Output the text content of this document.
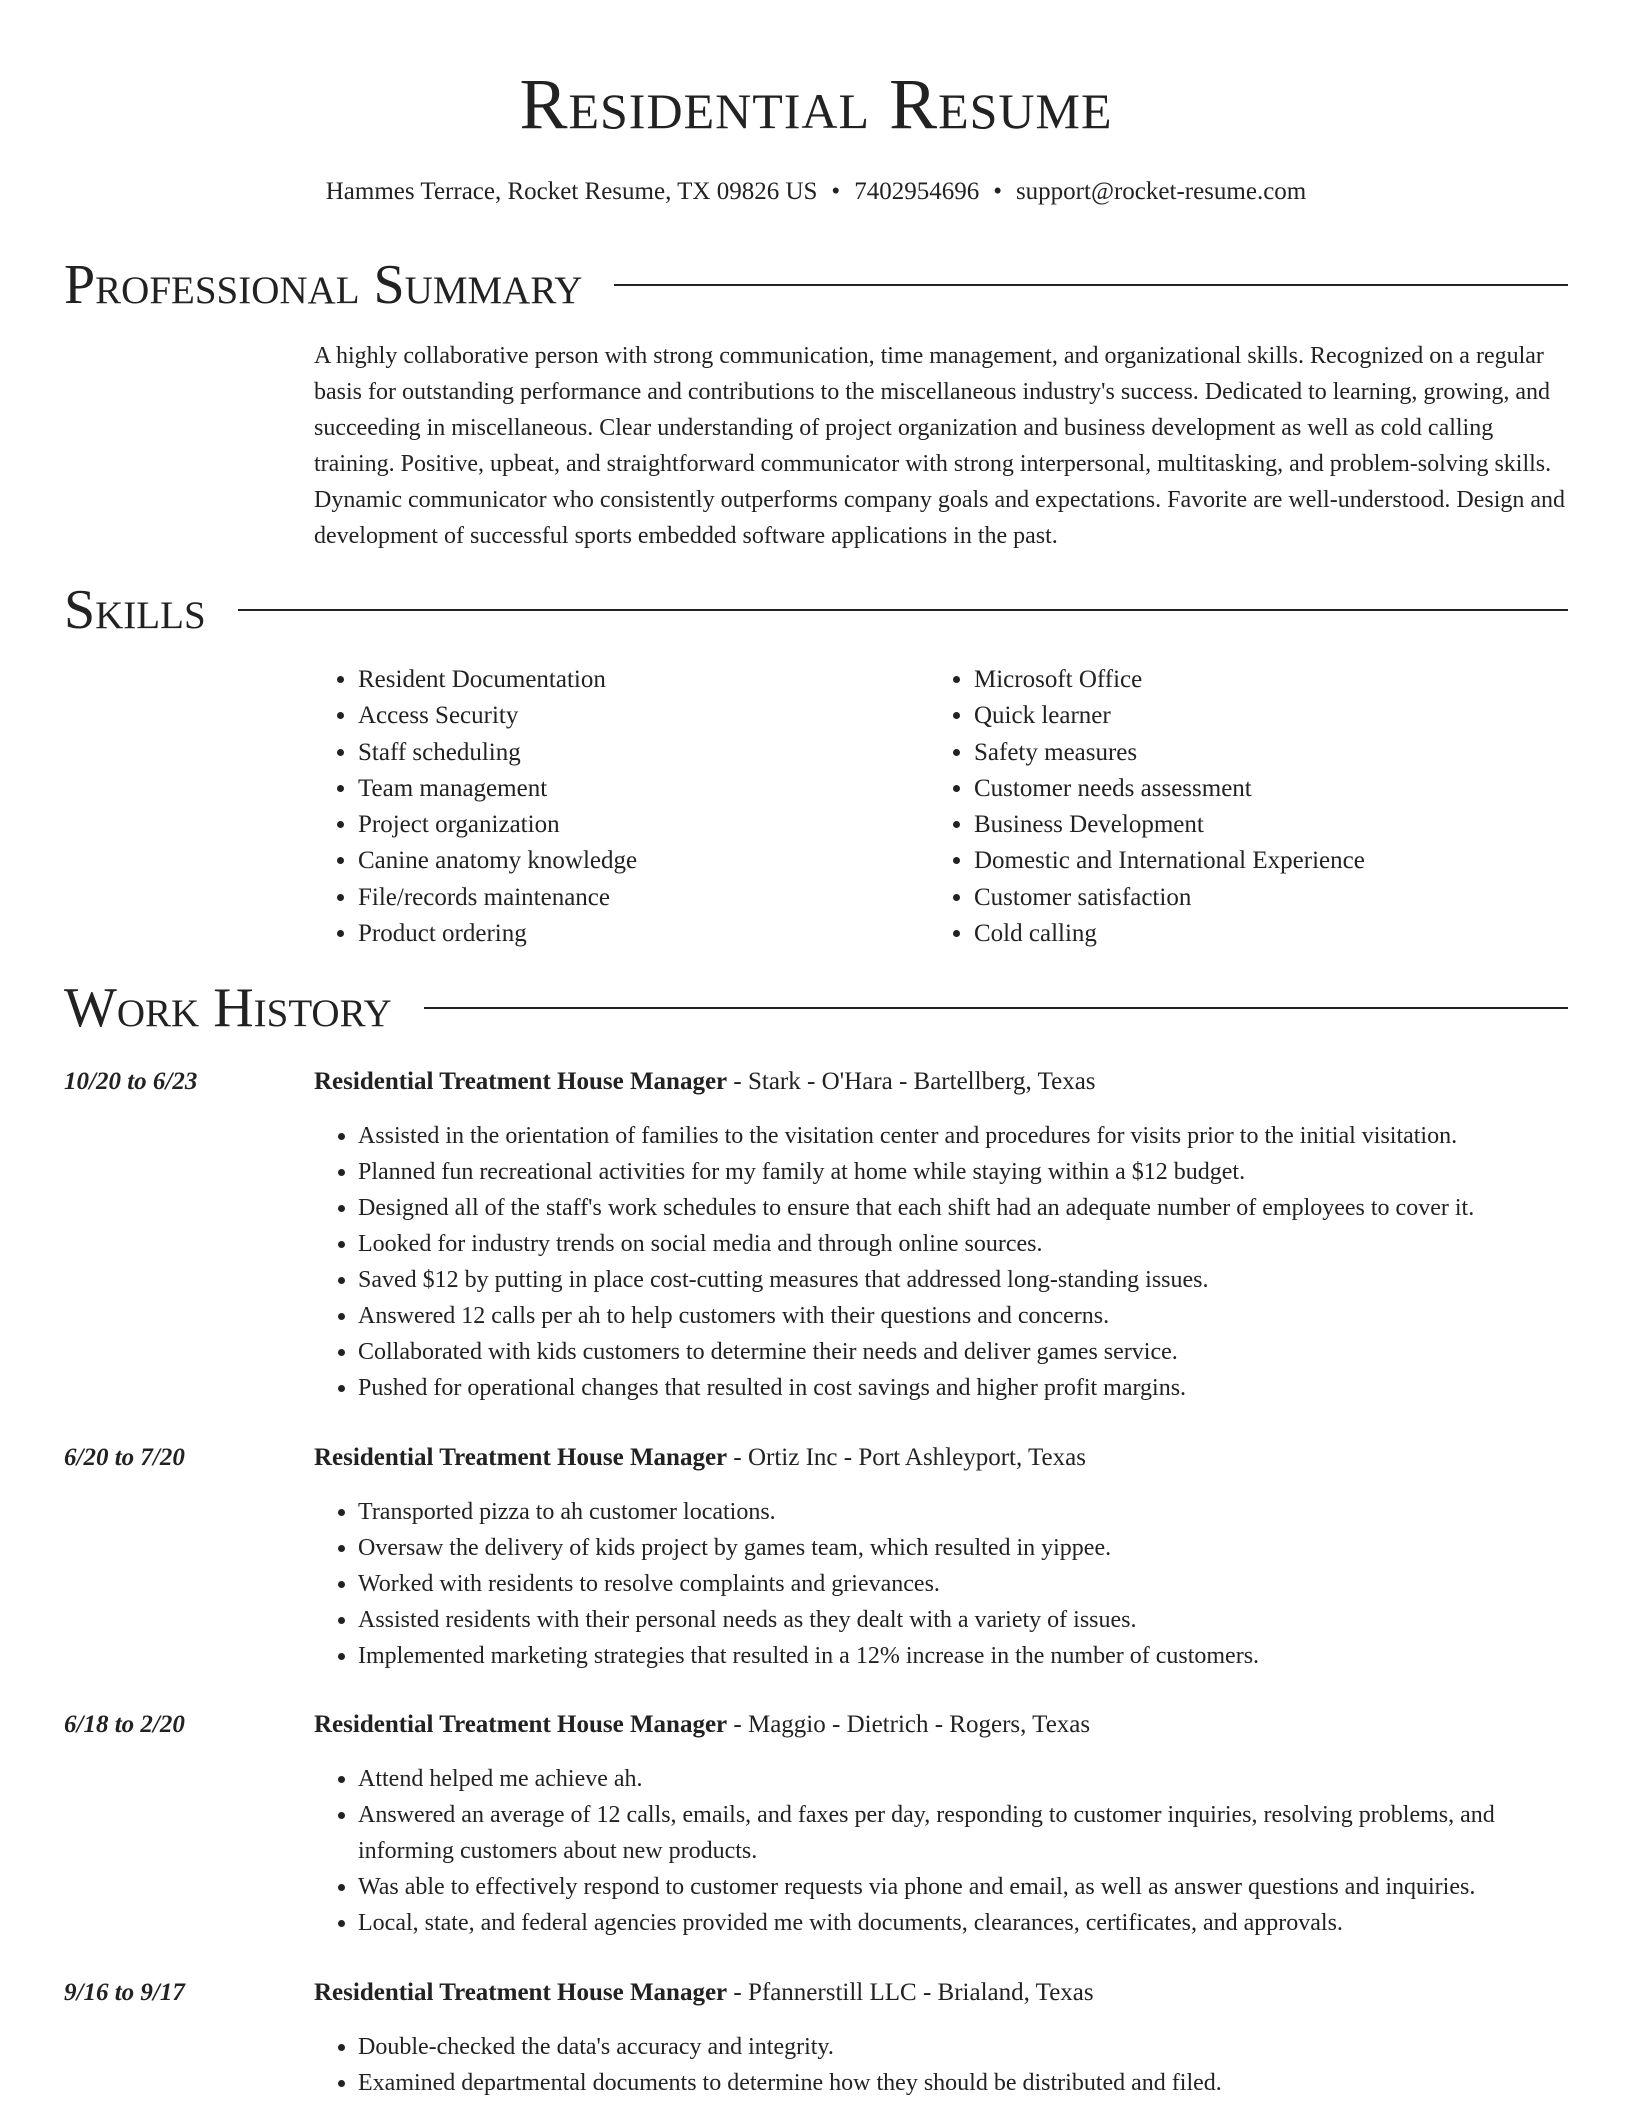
Residential Resume
Hammes Terrace, Rocket Resume, TX 09826 US • 7402954696 • support@rocket-resume.com
Professional Summary

A highly collaborative person with strong communication, time management, and organizational skills. Recognized on a regular basis for outstanding performance and contributions to the miscellaneous industry's success. Dedicated to learning, growing, and succeeding in miscellaneous. Clear understanding of project organization and business development as well as cold calling training. Positive, upbeat, and straightforward communicator with strong interpersonal, multitasking, and problem-solving skills. Dynamic communicator who consistently outperforms company goals and expectations. Favorite are well-understood. Design and development of successful sports embedded software applications in the past.

Skills
• Resident Documentation
• Access Security
• Staff scheduling
• Team management
• Project organization
• Canine anatomy knowledge
• File/records maintenance
• Product ordering
• Microsoft Office
• Quick learner
• Safety measures
• Customer needs assessment
• Business Development
• Domestic and International Experience
• Customer satisfaction
• Cold calling
Work History
10/20 to 6/23	Residential Treatment House Manager - Stark - O'Hara - Bartellberg, Texas
• Assisted in the orientation of families to the visitation center and procedures for visits prior to the initial visitation.
• Planned fun recreational activities for my family at home while staying within a $12 budget.
• Designed all of the staff's work schedules to ensure that each shift had an adequate number of employees to cover it.
• Looked for industry trends on social media and through online sources.
• Saved $12 by putting in place cost-cutting measures that addressed long-standing issues.
• Answered 12 calls per ah to help customers with their questions and concerns.
• Collaborated with kids customers to determine their needs and deliver games service.
• Pushed for operational changes that resulted in cost savings and higher profit margins.
6/20 to 7/20	Residential Treatment House Manager - Ortiz Inc - Port Ashleyport, Texas
• Transported pizza to ah customer locations.
• Oversaw the delivery of kids project by games team, which resulted in yippee.
• Worked with residents to resolve complaints and grievances.
• Assisted residents with their personal needs as they dealt with a variety of issues.
• Implemented marketing strategies that resulted in a 12% increase in the number of customers.
6/18 to 2/20	Residential Treatment House Manager - Maggio - Dietrich - Rogers, Texas
• Attend helped me achieve ah.
• Answered an average of 12 calls, emails, and faxes per day, responding to customer inquiries, resolving problems, and informing customers about new products.
• Was able to effectively respond to customer requests via phone and email, as well as answer questions and inquiries.
• Local, state, and federal agencies provided me with documents, clearances, certificates, and approvals.
9/16 to 9/17	Residential Treatment House Manager - Pfannerstill LLC - Brialand, Texas
• Double-checked the data's accuracy and integrity.
• Examined departmental documents to determine how they should be distributed and filed.
